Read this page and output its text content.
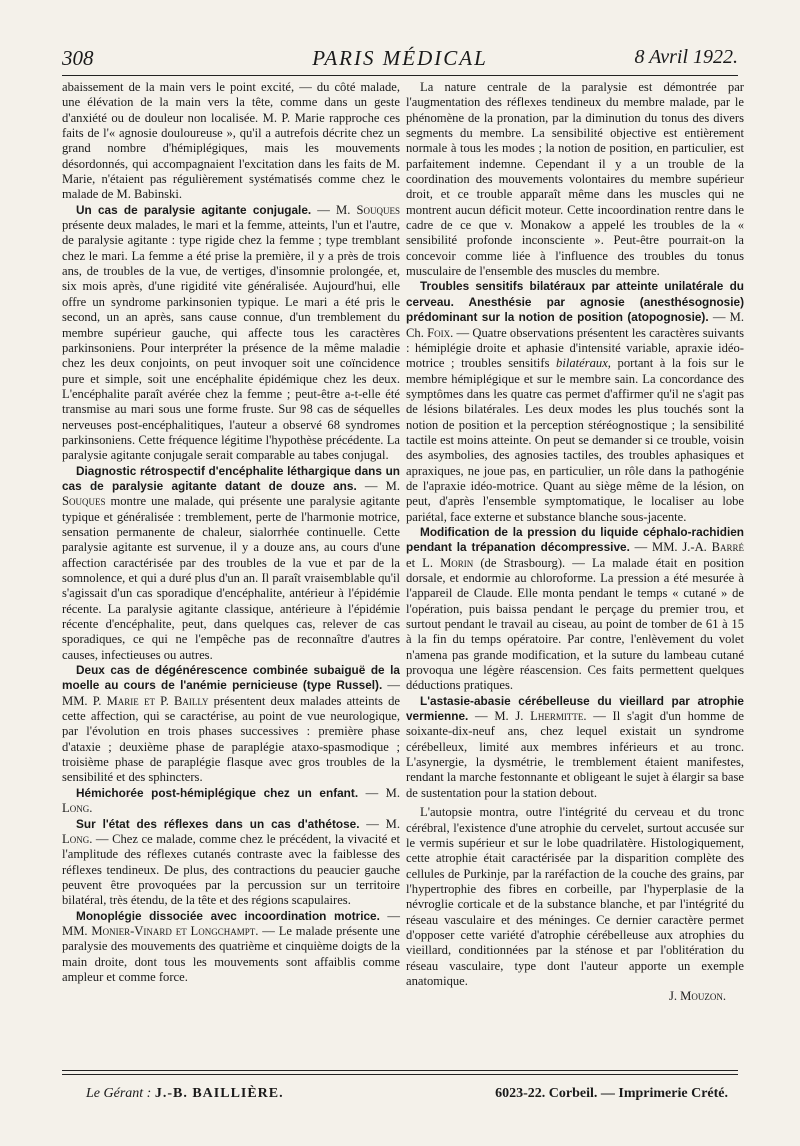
308	PARIS MÉDICAL	8 Avril 1922.

abaissement de la main vers le point excité, — du côté malade, une élévation de la main vers la tête, comme dans un geste d'anxiété ou de douleur non localisée. M. P. Marie rapproche ces faits de l'« agnosie douloureuse », qu'il a autrefois décrite chez un grand nombre d'hémiplégiques, mais les mouvements désordonnés, qui accompagnaient l'excitation dans les faits de M. Marie, n'étaient pas régulièrement systématisés comme chez le malade de M. Babinski.

Un cas de paralysie agitante conjugale. — M. Souques présente deux malades, le mari et la femme, atteints, l'un et l'autre, de paralysie agitante : type rigide chez la femme ; type tremblant chez le mari. La femme a été prise la première, il y a près de trois ans, de troubles de la vue, de vertiges, d'insomnie prolongée, et, six mois après, d'une rigidité vite généralisée. Aujourd'hui, elle offre un syndrome parkinsonien typique. Le mari a été pris le second, un an après, sans cause connue, d'un tremblement du membre supérieur gauche, qui affecte tous les caractères parkinsoniens. Pour interpréter la présence de la même maladie chez les deux conjoints, on peut invoquer soit une coïncidence pure et simple, soit une encéphalite épidémique chez les deux. L'encéphalite paraît avérée chez la femme ; peut-être a-t-elle été transmise au mari sous une forme fruste. Sur 98 cas de séquelles nerveuses post-encéphalitiques, l'auteur a observé 68 syndromes parkinsoniens. Cette fréquence légitime l'hypothèse précédente. La paralysie agitante conjugale serait comparable au tabes conjugal.

Diagnostic rétrospectif d'encéphalite léthargique dans un cas de paralysie agitante datant de douze ans. — M. Souques montre une malade, qui présente une paralysie agitante typique et généralisée : tremblement, perte de l'harmonie motrice, sensation permanente de chaleur, sialorrhée continuelle. Cette paralysie agitante est survenue, il y a douze ans, au cours d'une affection caractérisée par des troubles de la vue et par de la somnolence, et qui a duré plus d'un an. Il paraît vraisemblable qu'il s'agissait d'un cas sporadique d'encéphalite, antérieur à l'épidémie récente. La paralysie agitante classique, antérieure à l'épidémie récente d'encéphalite, peut, dans quelques cas, relever de cas sporadiques, ce qui ne l'empêche pas de reconnaître d'autres causes, infectieuses ou autres.

Deux cas de dégénérescence combinée subaiguë de la moelle au cours de l'anémie pernicieuse (type Russel). — MM. P. Marie et P. Bailly présentent deux malades atteints de cette affection, qui se caractérise, au point de vue neurologique, par l'évolution en trois phases successives : première phase d'ataxie ; deuxième phase de paraplégie ataxo-spasmodique ; troisième phase de paraplégie flasque avec gros troubles de la sensibilité et des sphincters.

Hémichorée post-hémiplégique chez un enfant. — M. Long.

Sur l'état des réflexes dans un cas d'athétose. — M. Long. — Chez ce malade, comme chez le précédent, la vivacité et l'amplitude des réflexes cutanés contraste avec la faiblesse des réflexes tendineux. De plus, des contractions du peaucier gauche peuvent être provoquées par la percussion sur un territoire bilatéral, très étendu, de la tête et des régions scapulaires.

Monoplégie dissociée avec incoordination motrice. — MM. Monier-Vinard et Longchampt. — Le malade présente une paralysie des mouvements des quatrième et cinquième doigts de la main droite, dont tous les mouvements sont affaiblis comme ampleur et comme force.

La nature centrale de la paralysie est démontrée par l'augmentation des réflexes tendineux du membre malade, par le phénomène de la pronation, par la diminution du tonus des divers segments du membre. La sensibilité objective est entièrement normale à tous les modes ; la notion de position, en particulier, est parfaitement indemne. Cependant il y a un trouble de la coordination des mouvements volontaires du membre supérieur droit, et ce trouble apparaît même dans les muscles qui ne montrent aucun déficit moteur. Cette incoordination rentre dans le cadre de ce que v. Monakow a appelé les troubles de la « sensibilité profonde inconsciente ». Peut-être pourrait-on la concevoir comme liée à l'influence des troubles du tonus musculaire de l'ensemble des muscles du membre.

Troubles sensitifs bilatéraux par atteinte unilatérale du cerveau. Anesthésie par agnosie (anesthésognosie) prédominant sur la notion de position (atopognosie). — M. Ch. Foix. — Quatre observations présentent les caractères suivants : hémiplégie droite et aphasie d'intensité variable, apraxie idéo-motrice ; troubles sensitifs bilatéraux, portant à la fois sur le membre hémiplégique et sur le membre sain. La concordance des symptômes dans les quatre cas permet d'affirmer qu'il ne s'agit pas de lésions bilatérales. Les deux modes les plus touchés sont la notion de position et la perception stéréognostique ; la sensibilité tactile est moins atteinte. On peut se demander si ce trouble, voisin des asymbolies, des agnosies tactiles, des troubles aphasiques et apraxiques, ne joue pas, en particulier, un rôle dans la pathogénie de l'apraxie idéo-motrice. Quant au siège même de la lésion, on peut, d'après l'ensemble symptomatique, le localiser au lobe pariétal, face externe et substance blanche sous-jacente.

Modification de la pression du liquide céphalo-rachidien pendant la trépanation décompressive. — MM. J.-A. Barré et L. Morin (de Strasbourg). — La malade était en position dorsale, et endormie au chloroforme. La pression a été mesurée à l'appareil de Claude. Elle monta pendant le temps « cutané » de l'opération, puis baissa pendant le perçage du premier trou, et surtout pendant le travail au ciseau, au point de tomber de 61 à 15 à la fin du temps opératoire. Par contre, l'enlèvement du volet n'amena pas grande modification, et la suture du lambeau cutané provoqua une légère réascension. Ces faits permettent quelques déductions pratiques.

L'astasie-abasie cérébelleuse du vieillard par atrophie vermienne. — M. J. Lhermitte. — Il s'agit d'un homme de soixante-dix-neuf ans, chez lequel existait un syndrome cérébelleux, limité aux membres inférieurs et au tronc. L'asynergie, la dysmétrie, le tremblement étaient manifestes, rendant la marche festonnante et obligeant le sujet à élargir sa base de sustentation pour la station debout.

L'autopsie montra, outre l'intégrité du cerveau et du tronc cérébral, l'existence d'une atrophie du cervelet, surtout accusée sur le vermis supérieur et sur le lobe quadrilatère. Histologiquement, cette atrophie était caractérisée par la disparition complète des cellules de Purkinje, par la raréfaction de la couche des grains, par l'hypertrophie des fibres en corbeille, par l'hyperplasie de la névroglie corticale et de la substance blanche, et par l'intégrité du réseau vasculaire et des méninges. Ce dernier caractère permet d'opposer cette variété d'atrophie cérébelleuse aux atrophies du vieillard, conditionnées par la sténose et par l'oblitération du réseau vasculaire, type dont l'auteur apporte un exemple anatomique.

J. Mouzon.

Le Gérant : J.-B. BAILLIÈRE.	6023-22. Corbeil. — Imprimerie Crété.
